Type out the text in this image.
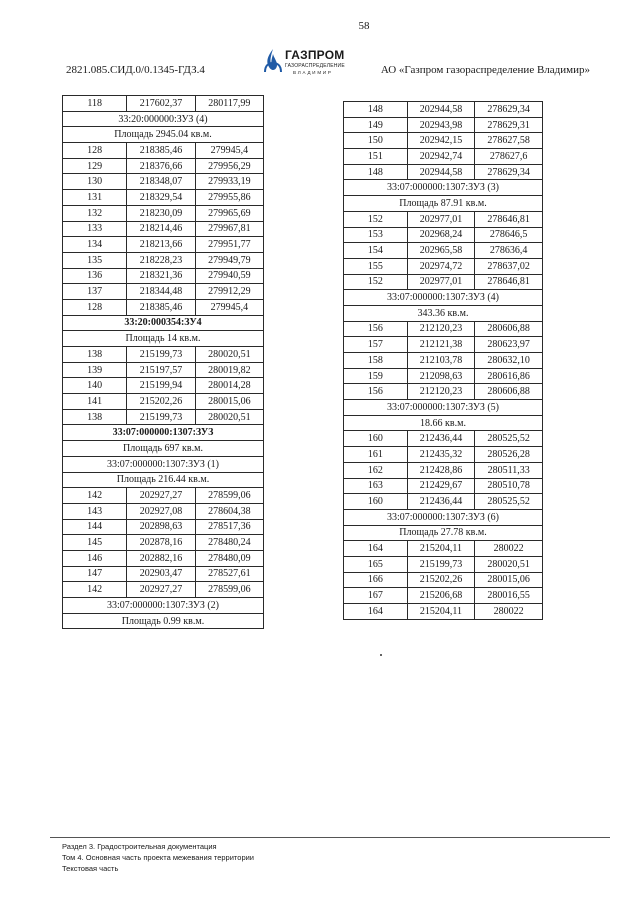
58
2821.085.СИД.0/0.1345-ГДЗ.4
ГАЗПРОМ
ГАЗОРАСПРЕДЕЛЕНИЕ
ВЛАДИМИР	АО «Газпром газораспределение Владимир»
118	217602,37	280117,99
33:20:000000:ЗУЗ (4)		
Площадь 2945.04 кв.м.		
128	218385,46	279945,4
129	218376,66	279956,29
130	218348,07	279933,19
131	218329,54	279955,86
132	218230,09	279965,69
133	218214,46	279967,81
134	218213,66	279951,77
135	218228,23	279949,79
136	218321,36	279940,59
137	218344,48	279912,29
128	218385,46	279945,4
33:20:000354:ЗУ4		
Площадь 14 кв.м.		
138	215199,73	280020,51
139	215197,57	280019,82
140	215199,94	280014,28
141	215202,26	280015,06
138	215199,73	280020,51
33:07:000000:1307:ЗУЗ		
Площадь 697 кв.м.		
33:07:000000:1307:ЗУЗ (1)		
Площадь 216.44 кв.м.		
142	202927,27	278599,06
143	202927,08	278604,38
144	202898,63	278517,36
145	202878,16	278480,24
146	202882,16	278480,09
147	202903,47	278527,61
142	202927,27	278599,06
33:07:000000:1307:ЗУЗ (2)		
Площадь 0.99 кв.м.		
148	202944,58	278629,34
149	202943,98	278629,31
150	202942,15	278627,58
151	202942,74	278627,6
148	202944,58	278629,34
33:07:000000:1307:ЗУЗ (3)		
Площадь 87.91 кв.м.		
152	202977,01	278646,81
153	202968,24	278646,5
154	202965,58	278636,4
155	202974,72	278637,02
152	202977,01	278646,81
33:07:000000:1307:ЗУЗ (4)		
343.36 кв.м.		
156	212120,23	280606,88
157	212121,38	280623,97
158	212103,78	280632,10
159	212098,63	280616,86
156	212120,23	280606,88
33:07:000000:1307:ЗУЗ (5)		
18.66 кв.м.		
160	212436,44	280525,52
161	212435,32	280526,28
162	212428,86	280511,33
163	212429,67	280510,78
160	212436,44	280525,52
33:07:000000:1307:ЗУЗ (6)		
Площадь 27.78 кв.м.		
164	215204,11	280022
165	215199,73	280020,51
166	215202,26	280015,06
167	215206,68	280016,55
164	215204,11	280022
Раздел 3. Градостроительная документация
Том 4. Основная часть проекта межевания территории
Текстовая часть
